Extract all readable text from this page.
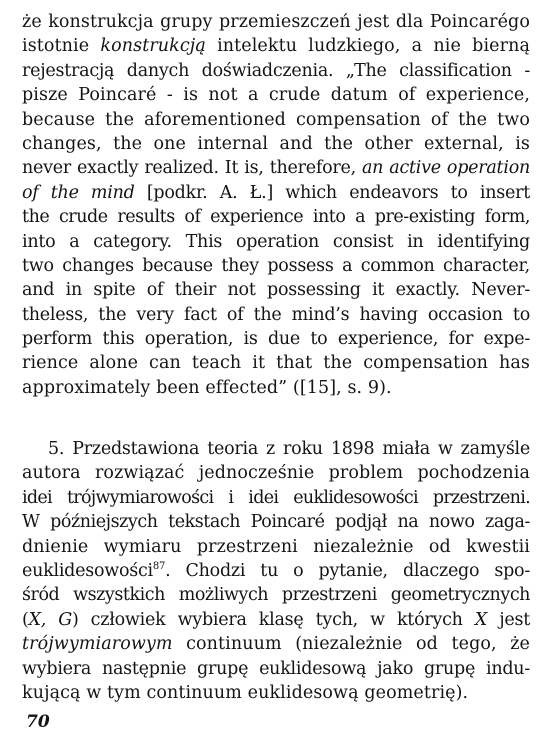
że konstrukcja grupy przemieszczeń jest dla Poincarégo
istotnie konstrukcją intelektu ludzkiego, a nie bierną
rejestracją danych doświadczenia. „The classification -
pisze Poincaré - is not a crude datum of experience,
because the aforementioned compensation of the two
changes, the one internal and the other external, is
never exactly realized. It is, therefore, an active operation
of the mind [podkr. A. Ł.] which endeavors to insert
the crude results of experience into a pre-existing form,
into a category. This operation consist in identifying
two changes because they possess a common character,
and in spite of their not possessing it exactly. Never-
theless, the very fact of the mind’s having occasion to
perform this operation, is due to experience, for expe-
rience alone can teach it that the compensation has
approximately been effected” ([15], s. 9).
5. Przedstawiona teoria z roku 1898 miała w zamyśle
autora rozwiązać jednocześnie problem pochodzenia
idei trójwymiarowości i idei euklidesowości przestrzeni.
W późniejszych tekstach Poincaré podjął na nowo zaga-
dnienie wymiaru przestrzeni niezależnie od kwestii
euklidesowości$^{87}$. Chodzi tu o pytanie, dlaczego spo-
śród wszystkich możliwych przestrzeni geometrycznych
(X, G) człowiek wybiera klasę tych, w których X jest
trójwymiarowym continuum (niezależnie od tego, że
wybiera następnie grupę euklidesową jako grupę indu-
kującą w tym continuum euklidesową geometrię).
70
